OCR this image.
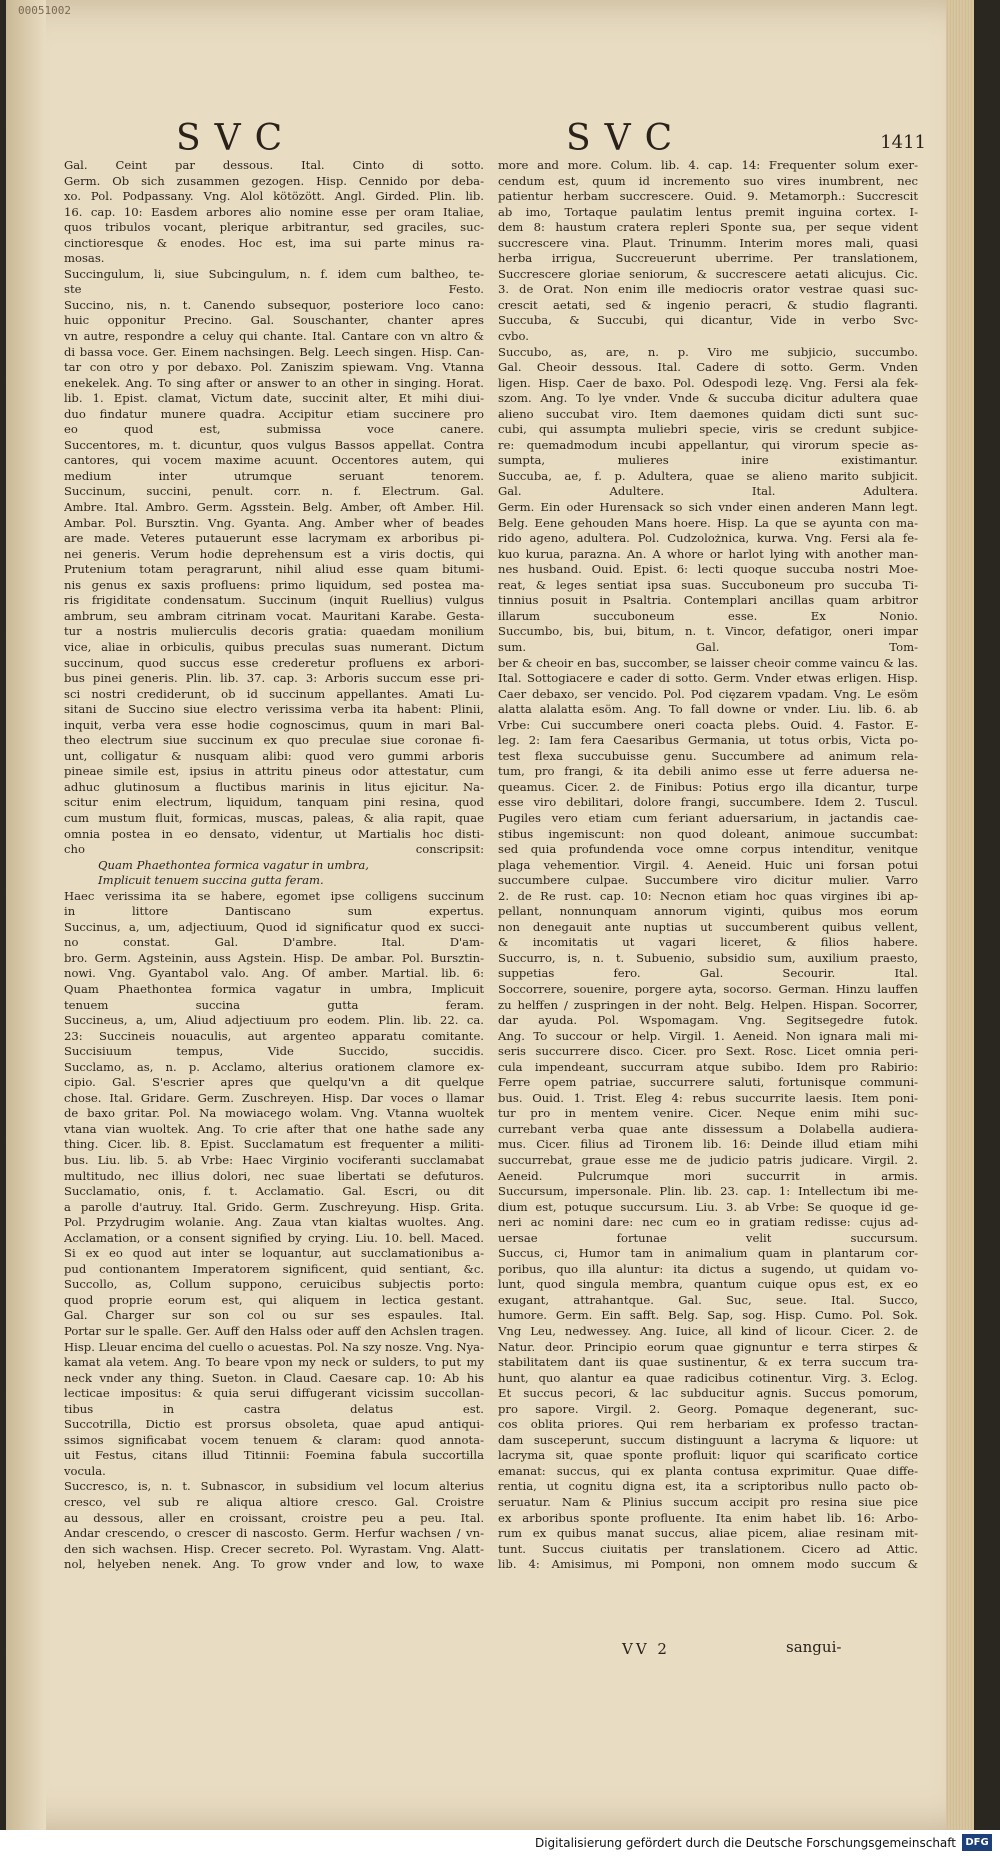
00051002
SVC	SVC	1411
Gal. Ceint par dessous. Ital. Cinto di sotto.
Germ. Ob sich zusammen gezogen. Hisp. Cennido por deba-
xo. Pol. Podpassany. Vng. Alol kötözött. Angl. Girded. Plin. lib.
16. cap. 10: Easdem arbores alio nomine esse per oram Italiae,
quos tribulos vocant, plerique arbitrantur, sed graciles, suc-
cinctioresque & enodes. Hoc est, ima sui parte minus ra-
mosas.
Succingulum, li, siue Subcingulum, n. f. idem cum baltheo, te-
ste Festo.
Succino, nis, n. t. Canendo subsequor, posteriore loco cano:
huic opponitur Precino. Gal. Souschanter, chanter apres
vn autre, respondre a celuy qui chante. Ital. Cantare con vn altro &
di bassa voce. Ger. Einem nachsingen. Belg. Leech singen. Hisp. Can-
tar con otro y por debaxo. Pol. Zaniszim spiewam. Vng. Vtanna
enekelek. Ang. To sing after or answer to an other in singing. Horat.
lib. 1. Epist. clamat, Victum date, succinit alter, Et mihi diui-
duo findatur munere quadra. Accipitur etiam succinere pro
eo quod est, submissa voce canere.
Succentores, m. t. dicuntur, quos vulgus Bassos appellat. Contra
cantores, qui vocem maxime acuunt. Occentores autem, qui
medium inter utrumque seruant tenorem.
Succinum, succini, penult. corr. n. f. Electrum. Gal.
Ambre. Ital. Ambro. Germ. Agsstein. Belg. Amber, oft Amber. Hil.
Ambar. Pol. Bursztin. Vng. Gyanta. Ang. Amber wher of beades
are made. Veteres putauerunt esse lacrymam ex arboribus pi-
nei generis. Verum hodie deprehensum est a viris doctis, qui
Prutenium totam peragrarunt, nihil aliud esse quam bitumi-
nis genus ex saxis profluens: primo liquidum, sed postea ma-
ris frigiditate condensatum. Succinum (inquit Ruellius) vulgus
ambrum, seu ambram citrinam vocat. Mauritani Karabe. Gesta-
tur a nostris mulierculis decoris gratia: quaedam monilium
vice, aliae in orbiculis, quibus preculas suas numerant. Dictum
succinum, quod succus esse crederetur profluens ex arbori-
bus pinei generis. Plin. lib. 37. cap. 3: Arboris succum esse pri-
sci nostri crediderunt, ob id succinum appellantes. Amati Lu-
sitani de Succino siue electro verissima verba ita habent: Plinii,
inquit, verba vera esse hodie cognoscimus, quum in mari Bal-
theo electrum siue succinum ex quo preculae siue coronae fi-
unt, colligatur & nusquam alibi: quod vero gummi arboris
pineae simile est, ipsius in attritu pineus odor attestatur, cum
adhuc glutinosum a fluctibus marinis in litus ejicitur. Na-
scitur enim electrum, liquidum, tanquam pini resina, quod
cum mustum fluit, formicas, muscas, paleas, & alia rapit, quae
omnia postea in eo densato, videntur, ut Martialis hoc disti-
cho conscripsit:
Quam Phaethontea formica vagatur in umbra,
Implicuit tenuem succina gutta feram.
Haec verissima ita se habere, egomet ipse colligens succinum
in littore Dantiscano sum expertus.
Succinus, a, um, adjectiuum, Quod id significatur quod ex succi-
no constat. Gal. D'ambre. Ital. D'am-
bro. Germ. Agsteinin, auss Agstein. Hisp. De ambar. Pol. Bursztin-
nowi. Vng. Gyantabol valo. Ang. Of amber. Martial. lib. 6:
Quam Phaethontea formica vagatur in umbra, Implicuit
tenuem succina gutta feram.
Succineus, a, um, Aliud adjectiuum pro eodem. Plin. lib. 22. ca.
23: Succineis nouaculis, aut argenteo apparatu comitante.
Succisiuum tempus, Vide Succido, succidis.
Succlamo, as, n. p. Acclamo, alterius orationem clamore ex-
cipio. Gal. S'escrier apres que quelqu'vn a dit quelque
chose. Ital. Gridare. Germ. Zuschreyen. Hisp. Dar voces o llamar
de baxo gritar. Pol. Na mowiacego wolam. Vng. Vtanna wuoltek
vtana vian wuoltek. Ang. To crie after that one hathe sade any
thing. Cicer. lib. 8. Epist. Succlamatum est frequenter a militi-
bus. Liu. lib. 5. ab Vrbe: Haec Virginio vociferanti succlamabat
multitudo, nec illius dolori, nec suae libertati se defuturos.
Succlamatio, onis, f. t. Acclamatio. Gal. Escri, ou dit
a parolle d'autruy. Ital. Grido. Germ. Zuschreyung. Hisp. Grita.
Pol. Przydrugim wolanie. Ang. Zaua vtan kialtas wuoltes. Ang.
Acclamation, or a consent signified by crying. Liu. 10. bell. Maced.
Si ex eo quod aut inter se loquantur, aut succlamationibus a-
pud contionantem Imperatorem significent, quid sentiant, &c.
Succollo, as, Collum suppono, ceruicibus subjectis porto:
quod proprie eorum est, qui aliquem in lectica gestant.
Gal. Charger sur son col ou sur ses espaules. Ital.
Portar sur le spalle. Ger. Auff den Halss oder auff den Achslen tragen.
Hisp. Lleuar encima del cuello o acuestas. Pol. Na szy nosze. Vng. Nya-
kamat ala vetem. Ang. To beare vpon my neck or sulders, to put my
neck vnder any thing. Sueton. in Claud. Caesare cap. 10: Ab his
lecticae impositus: & quia serui diffugerant vicissim succollan-
tibus in castra delatus est.
Succotrilla, Dictio est prorsus obsoleta, quae apud antiqui-
ssimos significabat vocem tenuem & claram: quod annota-
uit Festus, citans illud Titinnii: Foemina fabula succortilla
vocula.
Succresco, is, n. t. Subnascor, in subsidium vel locum alterius
cresco, vel sub re aliqua altiore cresco. Gal. Croistre
au dessous, aller en croissant, croistre peu a peu. Ital.
Andar crescendo, o crescer di nascosto. Germ. Herfur wachsen / vn-
den sich wachsen. Hisp. Crecer secreto. Pol. Wyrastam. Vng. Alatt-
nol, helyeben nenek. Ang. To grow vnder and low, to waxe
more and more. Colum. lib. 4. cap. 14: Frequenter solum exer-
cendum est, quum id incremento suo vires inumbrent, nec
patientur herbam succrescere. Ouid. 9. Metamorph.: Succrescit
ab imo, Tortaque paulatim lentus premit inguina cortex. I-
dem 8: haustum cratera repleri Sponte sua, per seque vident
succrescere vina. Plaut. Trinumm. Interim mores mali, quasi
herba irrigua, Succreuerunt uberrime. Per translationem,
Succrescere gloriae seniorum, & succrescere aetati alicujus. Cic.
3. de Orat. Non enim ille mediocris orator vestrae quasi suc-
crescit aetati, sed & ingenio peracri, & studio flagranti.
Succuba, & Succubi, qui dicantur, Vide in verbo Svc-
cvbo.
Succubo, as, are, n. p. Viro me subjicio, succumbo.
Gal. Cheoir dessous. Ital. Cadere di sotto. Germ. Vnden
ligen. Hisp. Caer de baxo. Pol. Odespodi lezę. Vng. Fersi ala fek-
szom. Ang. To lye vnder. Vnde & succuba dicitur adultera quae
alieno succubat viro. Item daemones quidam dicti sunt suc-
cubi, qui assumpta muliebri specie, viris se credunt subjice-
re: quemadmodum incubi appellantur, qui virorum specie as-
sumpta, mulieres inire existimantur.
Succuba, ae, f. p. Adultera, quae se alieno marito subjicit.
Gal. Adultere. Ital. Adultera.
Germ. Ein oder Hurensack so sich vnder einen anderen Mann legt.
Belg. Eene gehouden Mans hoere. Hisp. La que se ayunta con ma-
rido ageno, adultera. Pol. Cudzolożnica, kurwa. Vng. Fersi ala fe-
kuo kurua, parazna. An. A whore or harlot lying with another man-
nes husband. Ouid. Epist. 6: lecti quoque succuba nostri Moe-
reat, & leges sentiat ipsa suas. Succuboneum pro succuba Ti-
tinnius posuit in Psaltria. Contemplari ancillas quam arbitror
illarum succuboneum esse. Ex Nonio.
Succumbo, bis, bui, bitum, n. t. Vincor, defatigor, oneri impar
sum. Gal. Tom-
ber & cheoir en bas, succomber, se laisser cheoir comme vaincu & las.
Ital. Sottogiacere e cader di sotto. Germ. Vnder etwas erligen. Hisp.
Caer debaxo, ser vencido. Pol. Pod cięzarem vpadam. Vng. Le esöm
alatta alalatta esöm. Ang. To fall downe or vnder. Liu. lib. 6. ab
Vrbe: Cui succumbere oneri coacta plebs. Ouid. 4. Fastor. E-
leg. 2: Iam fera Caesaribus Germania, ut totus orbis, Victa po-
test flexa succubuisse genu. Succumbere ad animum rela-
tum, pro frangi, & ita debili animo esse ut ferre aduersa ne-
queamus. Cicer. 2. de Finibus: Potius ergo illa dicantur, turpe
esse viro debilitari, dolore frangi, succumbere. Idem 2. Tuscul.
Pugiles vero etiam cum feriant aduersarium, in jactandis cae-
stibus ingemiscunt: non quod doleant, animoue succumbat:
sed quia profundenda voce omne corpus intenditur, venitque
plaga vehementior. Virgil. 4. Aeneid. Huic uni forsan potui
succumbere culpae. Succumbere viro dicitur mulier. Varro
2. de Re rust. cap. 10: Necnon etiam hoc quas virgines ibi ap-
pellant, nonnunquam annorum viginti, quibus mos eorum
non denegauit ante nuptias ut succumberent quibus vellent,
& incomitatis ut vagari liceret, & filios habere.
Succurro, is, n. t. Subuenio, subsidio sum, auxilium praesto,
suppetias fero. Gal. Secourir. Ital.
Soccorrere, souenire, porgere ayta, socorso. German. Hinzu lauffen
zu helffen / zuspringen in der noht. Belg. Helpen. Hispan. Socorrer,
dar ayuda. Pol. Wspomagam. Vng. Segitsegedre futok.
Ang. To succour or help. Virgil. 1. Aeneid. Non ignara mali mi-
seris succurrere disco. Cicer. pro Sext. Rosc. Licet omnia peri-
cula impendeant, succurram atque subibo. Idem pro Rabirio:
Ferre opem patriae, succurrere saluti, fortunisque communi-
bus. Ouid. 1. Trist. Eleg 4: rebus succurrite laesis. Item poni-
tur pro in mentem venire. Cicer. Neque enim mihi suc-
currebant verba quae ante dissessum a Dolabella audiera-
mus. Cicer. filius ad Tironem lib. 16: Deinde illud etiam mihi
succurrebat, graue esse me de judicio patris judicare. Virgil. 2.
Aeneid. Pulcrumque mori succurrit in armis.
Succursum, impersonale. Plin. lib. 23. cap. 1: Intellectum ibi me-
dium est, potuque succursum. Liu. 3. ab Vrbe: Se quoque id ge-
neri ac nomini dare: nec cum eo in gratiam redisse: cujus ad-
uersae fortunae velit succursum.
Succus, ci, Humor tam in animalium quam in plantarum cor-
poribus, quo illa aluntur: ita dictus a sugendo, ut quidam vo-
lunt, quod singula membra, quantum cuique opus est, ex eo
exugant, attrahantque. Gal. Suc, seue. Ital. Succo,
humore. Germ. Ein safft. Belg. Sap, sog. Hisp. Cumo. Pol. Sok.
Vng Leu, nedwessey. Ang. Iuice, all kind of licour. Cicer. 2. de
Natur. deor. Principio eorum quae gignuntur e terra stirpes &
stabilitatem dant iis quae sustinentur, & ex terra succum tra-
hunt, quo alantur ea quae radicibus cotinentur. Virg. 3. Eclog.
Et succus pecori, & lac subducitur agnis. Succus pomorum,
pro sapore. Virgil. 2. Georg. Pomaque degenerant, suc-
cos oblita priores. Qui rem herbariam ex professo tractan-
dam susceperunt, succum distinguunt a lacryma & liquore: ut
lacryma sit, quae sponte profluit: liquor qui scarificato cortice
emanat: succus, qui ex planta contusa exprimitur. Quae diffe-
rentia, ut cognitu digna est, ita a scriptoribus nullo pacto ob-
seruatur. Nam & Plinius succum accipit pro resina siue pice
ex arboribus sponte profluente. Ita enim habet lib. 16: Arbo-
rum ex quibus manat succus, aliae picem, aliae resinam mit-
tunt. Succus ciuitatis per translationem. Cicero ad Attic.
lib. 4: Amisimus, mi Pomponi, non omnem modo succum &
VV 2	sangui-
Digitalisierung gefördert durch die Deutsche Forschungsgemeinschaft DFG
